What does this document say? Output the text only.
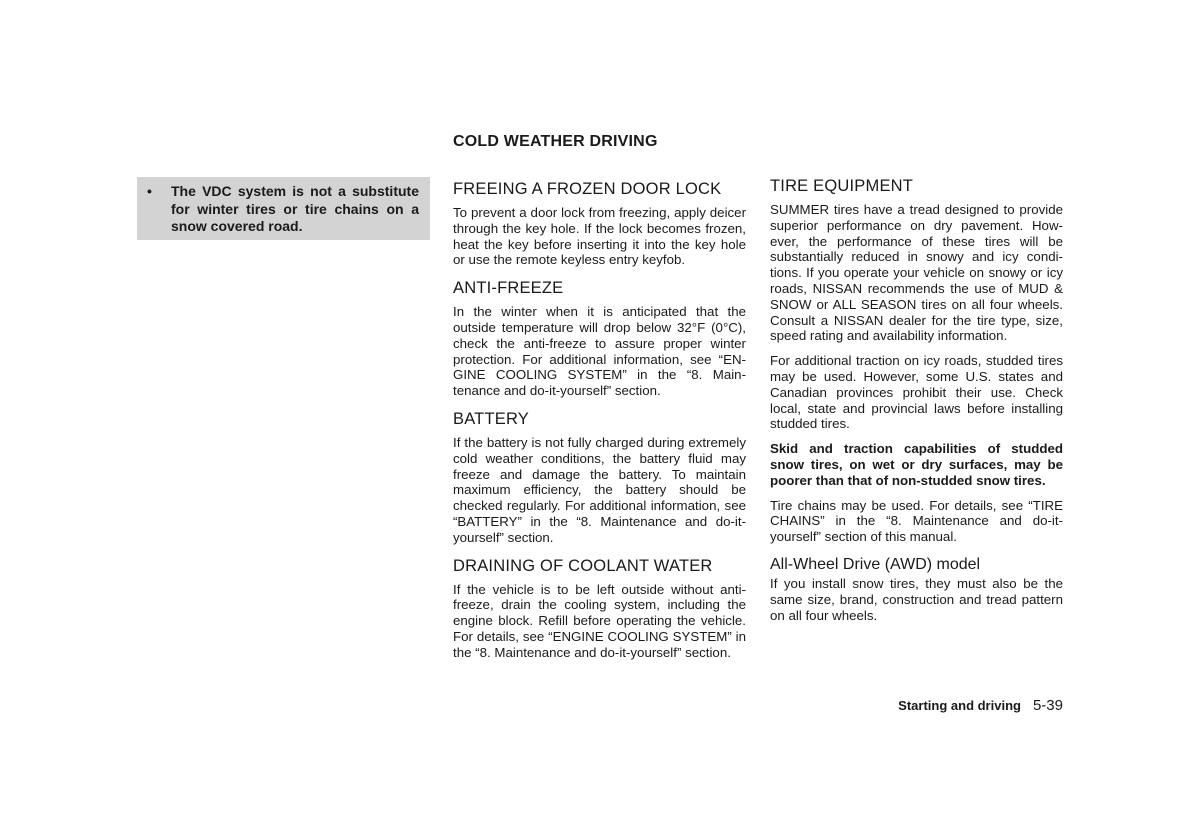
COLD WEATHER DRIVING
•	The VDC system is not a substitute for winter tires or tire chains on a snow covered road.
FREEING A FROZEN DOOR LOCK

To prevent a door lock from freezing, apply deicer through the key hole. If the lock becomes frozen, heat the key before inserting it into the key hole or use the remote keyless entry keyfob.

ANTI-FREEZE

In the winter when it is anticipated that the outside temperature will drop below 32°F (0°C), check the anti-freeze to assure proper winter protection. For additional information, see “EN-GINE COOLING SYSTEM” in the “8. Main-tenance and do-it-yourself” section.

BATTERY

If the battery is not fully charged during extremely cold weather conditions, the battery fluid may freeze and damage the battery. To maintain maximum efficiency, the battery should be checked regularly. For additional information, see “BATTERY” in the “8. Maintenance and do-it-yourself” section.

DRAINING OF COOLANT WATER

If the vehicle is to be left outside without anti-freeze, drain the cooling system, including the engine block. Refill before operating the vehicle. For details, see “ENGINE COOLING SYSTEM” in the “8. Maintenance and do-it-yourself” section.

TIRE EQUIPMENT

SUMMER tires have a tread designed to provide superior performance on dry pavement. How-ever, the performance of these tires will be substantially reduced in snowy and icy condi-tions. If you operate your vehicle on snowy or icy roads, NISSAN recommends the use of MUD & SNOW or ALL SEASON tires on all four wheels. Consult a NISSAN dealer for the tire type, size, speed rating and availability information.

For additional traction on icy roads, studded tires may be used. However, some U.S. states and Canadian provinces prohibit their use. Check local, state and provincial laws before installing studded tires.

Skid and traction capabilities of studded snow tires, on wet or dry surfaces, may be poorer than that of non-studded snow tires.

Tire chains may be used. For details, see “TIRE CHAINS” in the “8. Maintenance and do-it-yourself” section of this manual.

All-Wheel Drive (AWD) model

If you install snow tires, they must also be the same size, brand, construction and tread pattern on all four wheels.

Starting and driving 5-39
